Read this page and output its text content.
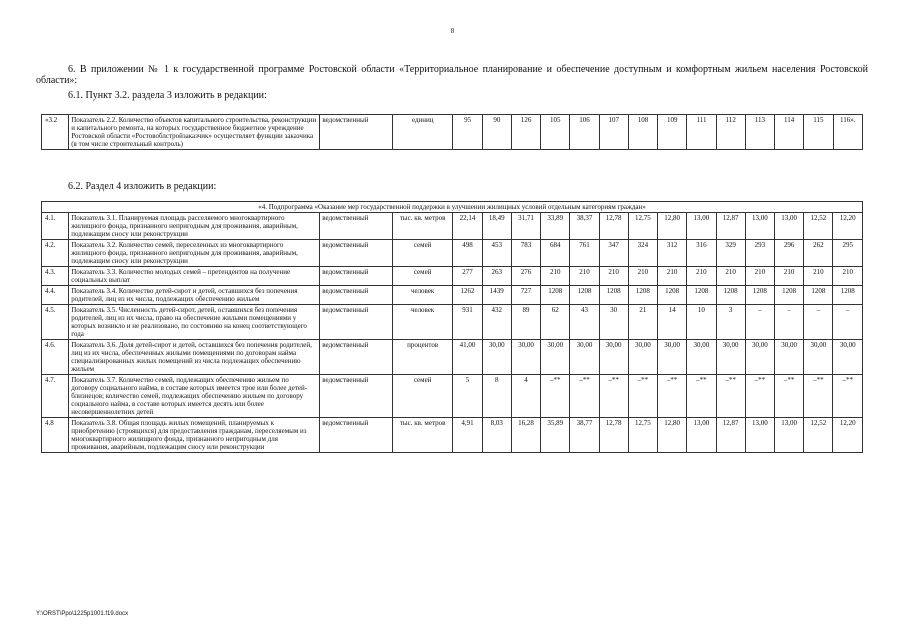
8
6. В приложении № 1 к государственной программе Ростовской области «Территориальное планирование и обеспечение доступным и комфортным жильем населения Ростовской области»:
6.1. Пункт 3.2. раздела 3 изложить в редакции:
«3.2	Показатель 2.2. Количество объектов капитального строительства, реконструкции и капитального ремонта, на которых государственное бюджетное учреждение Ростовской области «Ростовоблстройзаказчик» осуществляет функции заказчика (в том числе строительный контроль)	ведомственный	единиц	95	90	126	105	106	107	108	109	111	112	113	114	115	116».
6.2. Раздел 4 изложить в редакции:
«4. Подпрограмма «Оказание мер государственной поддержки в улучшении жилищных условий отдельным категориям граждан»																	
4.1.	Показатель 3.1. Планируемая площадь расселяемого многоквартирного жилищного фонда, признанного непригодным для проживания, аварийным, подлежащим сносу или реконструкции	ведомственный	тыс. кв. метров	22,14	18,49	31,71	33,89	38,37	12,78	12,75	12,80	13,00	12,87	13,00	13,00	12,52	12,20
4.2.	Показатель 3.2. Количество семей, переселенных из многоквартирного жилищного фонда, признанного непригодным для проживания, аварийным, подлежащим сносу или реконструкции	ведомственный	семей	498	453	783	684	761	347	324	312	316	329	293	296	262	295
4.3.	Показатель 3.3. Количество молодых семей – претендентов на получение социальных выплат	ведомственный	семей	277	263	276	210	210	210	210	210	210	210	210	210	210	210
4.4.	Показатель 3.4. Количество детей-сирот и детей, оставшихся без попечения родителей, лиц из их числа, подлежащих обеспечению жильем	ведомственный	человек	1262	1439	727	1208	1208	1208	1208	1208	1208	1208	1208	1208	1208	1208
4.5.	Показатель 3.5. Численность детей-сирот, детей, оставшихся без попечения родителей, лиц из их числа, право на обеспечение жилыми помещениями у которых возникло и не реализовано, по состоянию на конец соответствующего года	ведомственный	человек	931	432	89	62	43	30	21	14	10	3	–	–	–	–
4.6.	Показатель 3.6. Доля детей-сирот и детей, оставшихся без попечения родителей, лиц из их числа, обеспеченных жилыми помещениями по договорам найма специализированных жилых помещений из числа подлежащих обеспечению жильем	ведомственный	процентов	41,00	30,00	30,00	30,00	30,00	30,00	30,00	30,00	30,00	30,00	30,00	30,00	30,00	30,00
4.7.	Показатель 3.7. Количество семей, подлежащих обеспечению жильем по договору социального найма, в составе которых имеется трое или более детей-близнецов; количество семей, подлежащих обеспечению жильем по договору социального найма, в составе которых имеется десять или более несовершеннолетних детей	ведомственный	семей	5	8	4	–**	–**	–**	–**	–**	–**	–**	–**	–**	–**	–**
4.8	Показатель 3.8. Общая площадь жилых помещений, планируемых к приобретению (строящихся) для предоставления гражданам, переселяемым из многоквартирного жилищного фонда, признанного непригодным для проживания, аварийным, подлежащим сносу или реконструкции	ведомственный	тыс. кв. метров	4,91	8,03	16,28	35,89	38,77	12,78	12,75	12,80	13,00	12,87	13,00	13,00	12,52	12,20
Y:\ORST\Ppo\1225p1001.f19.docx
